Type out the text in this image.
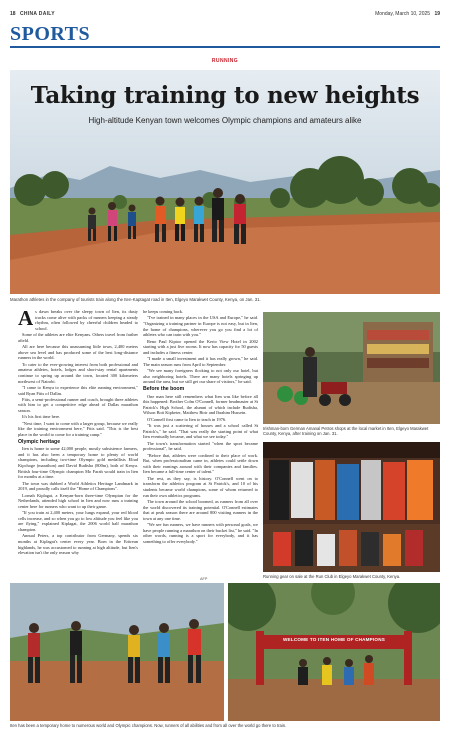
18 CHINA DAILY	Monday, March 10, 2025 19
SPORTS
RUNNING
Taking training to new heights
High-altitude Kenyan town welcomes Olympic champions and amateurs alike
Marathon athletes in the company of tourists train along the Iten-Kaptagat road in Iten, Elgeyo Marakwet County, Kenya, on Jan. 31.

As dawn breaks over the sleepy town of Iten, its dusty tracks come alive with packs of runners keeping a steady rhythm, often followed by cheerful children headed to school.

Some of the athletes are elite Kenyans. Others travel from farther afield.

All are here because this unassuming little town, 2,400 meters above sea level and has produced some of the best long-distance runners in the world.

To cater to the ever-growing interest from both professional and amateur athletes, hotels, lodges and short-stay rental apartments continue to spring up around the town, located 300 kilometers northwest of Nairobi.

"I came to Kenya to experience this elite running environment," said Ryan Fitts of Dallas.

Fitts, a semi-professional runner and coach, brought three athletes with him to get a competitive edge ahead of Dallas marathon season.

It's his first time here.

"Next time, I want to come with a larger group, because we really like the training environment here," Fitts said. "This is the best place in the world to come for a training camp."

Olympic heritage

Iten is home to some 42,000 people, mostly subsistence farmers, and it has also been a temporary home to plenty of world champions, including two-time Olympic gold medallists Eliud Kipchoge (marathon) and David Rudisha (800m), both of Kenya. British four-time Olympic champion Mo Farah would train in Iten for months at a time.

The town was dubbed a World Athletics Heritage Landmark in 2019, and proudly calls itself the "Home of Champions".

Lornah Kiplagat, a Kenyan-born three-time Olympian for the Netherlands, attended high school in Iten and now runs a training center here for runners who want to up their game.

"If you train at 2,400 meters, your lungs expand, your red blood cells increase, and so when you go to low altitude you feel like you are flying," explained Kiplagat, the 2006 world half marathon champion.

Annual Peters, a top contributor from Germany, spends six months at Kiplagat's center every year. Born in the Eritrean highlands, he was accustomed to running at high altitude, but Iten's elevation isn't the only reason why

he keeps coming back.

"I've trained in many places in the USA and Europe," he said. "Organizing a training partner in Europe is not easy, but in Iten, the home of champions, wherever you go you find a lot of athletes who can train with you."

Reno Paul Kiptoo opened the Kerio View Hotel in 2002 starting with a just five rooms. It now has capacity for 50 guests and includes a fitness center.

"I made a small investment and it has really grown," he said. The main season runs from April to September.

"We see many foreigners flocking to not only our hotel, but also neighboring hotels. There are many hotels springing up around the area, but we still get our share of visitors," he said.

Before the boom

One man here still remembers what Iten was like before all this happened: Brother Colm O'Connell, former headmaster at St Patrick's High School, the alumni of which include Rudisha, Wilson Boit Kipketer, Matthew Birir and Ibrahim Hussein.

O'Connell first came to Iten to teach in 1976.

"It was just a scattering of houses and a school called St Patrick's," he said. "That was really the starting point of what Iten eventually became, and what we see today."

The town's transformation started "when the sport became professional", he said.

"Before that, athletes were confined to their place of work. But, when professionalism came in, athletes could settle down with their earnings around with their companies and families. Iten became a full-time center of talent."

The rest, as they say, is history. O'Connell went on to transform the athletics program at St Patrick's, and 10 of his students became world champions, some of whom returned to run their own athletics programs.

The town around the school boomed, as runners from all over the world discovered its training potential. O'Connell estimates that at peak season there are around 800 visiting runners in the town at any one time.

"We see fun runners, we have runners with personal goals, we have people running a marathon on their bucket list," he said. "In other words, running is a sport for everybody, and it has something to offer everybody."

AFP
Irishman-born German Amanal Petros shops at the local market in Iten, Elgeyo Marakwet County, Kenya, after training on Jan. 31.
Running gear on sale at the Run Club in Elgeyo Marakwet County, Kenya.
WELCOME TO ITEN HOME OF CHAMPIONS
Iten has been a temporary home to numerous world and Olympic champions. Now, runners of all abilities and from all over the world go there to train.
